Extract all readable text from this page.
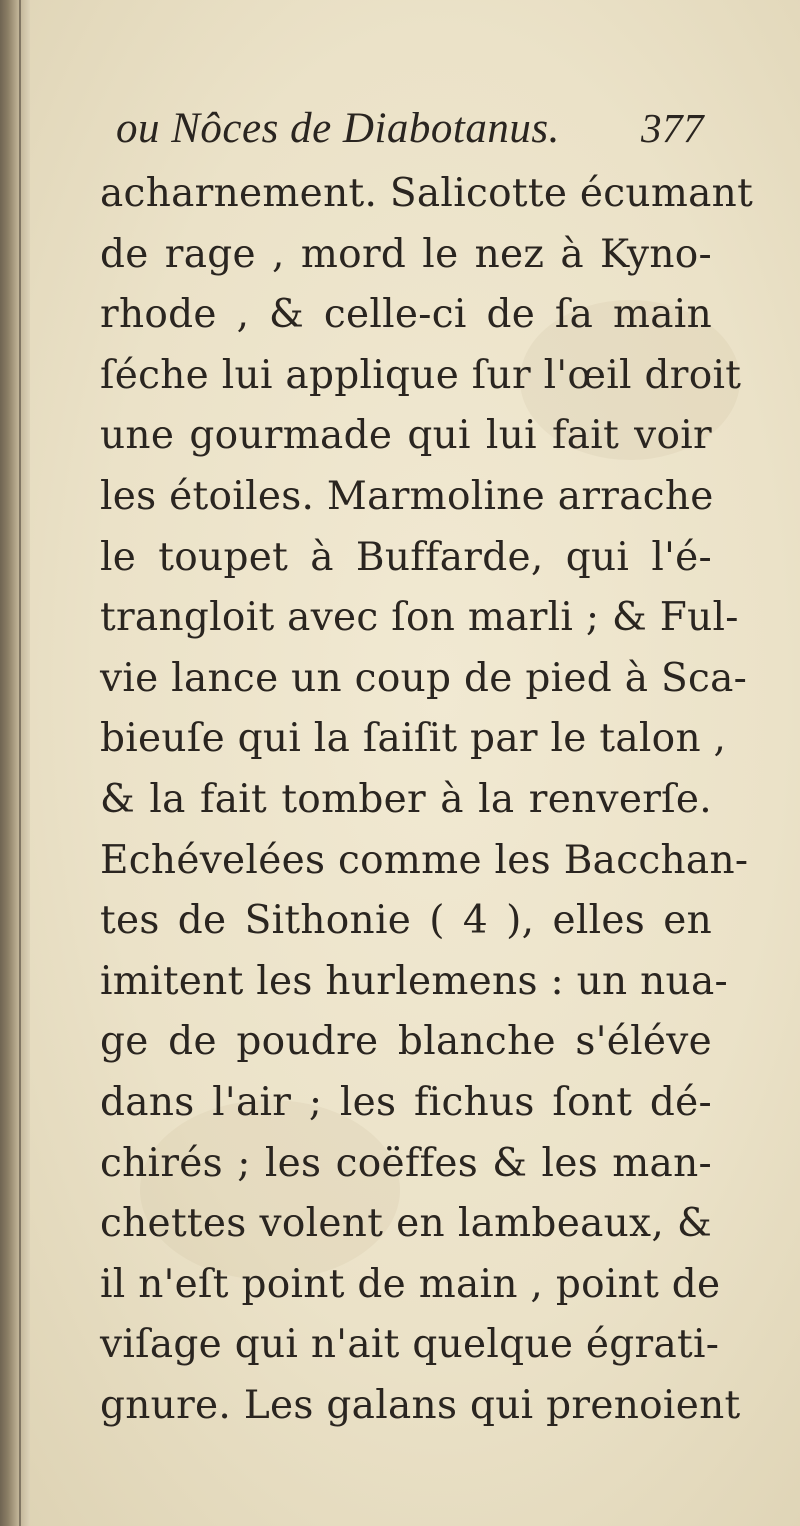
ou Nôces de Diabotanus. 377
acharnement. Salicotte écumant
de rage , mord le nez à Kyno-
rhode , & celle-ci de ſa main
ſéche lui applique ſur l'œil droit
une gourmade qui lui fait voir
les étoiles. Marmoline arrache
le toupet à Buffarde, qui l'é-
trangloit avec ſon marli ; & Ful-
vie lance un coup de pied à Sca-
bieuſe qui la ſaiſit par le talon ,
& la fait tomber à la renverſe.
Echévelées comme les Bacchan-
tes de Sithonie ( 4 ), elles en
imitent les hurlemens : un nua-
ge de poudre blanche s'éléve
dans l'air ; les fichus ſont dé-
chirés ; les coëffes & les man-
chettes volent en lambeaux, &
il n'eſt point de main , point de
viſage qui n'ait quelque égrati-
gnure. Les galans qui prenoient
